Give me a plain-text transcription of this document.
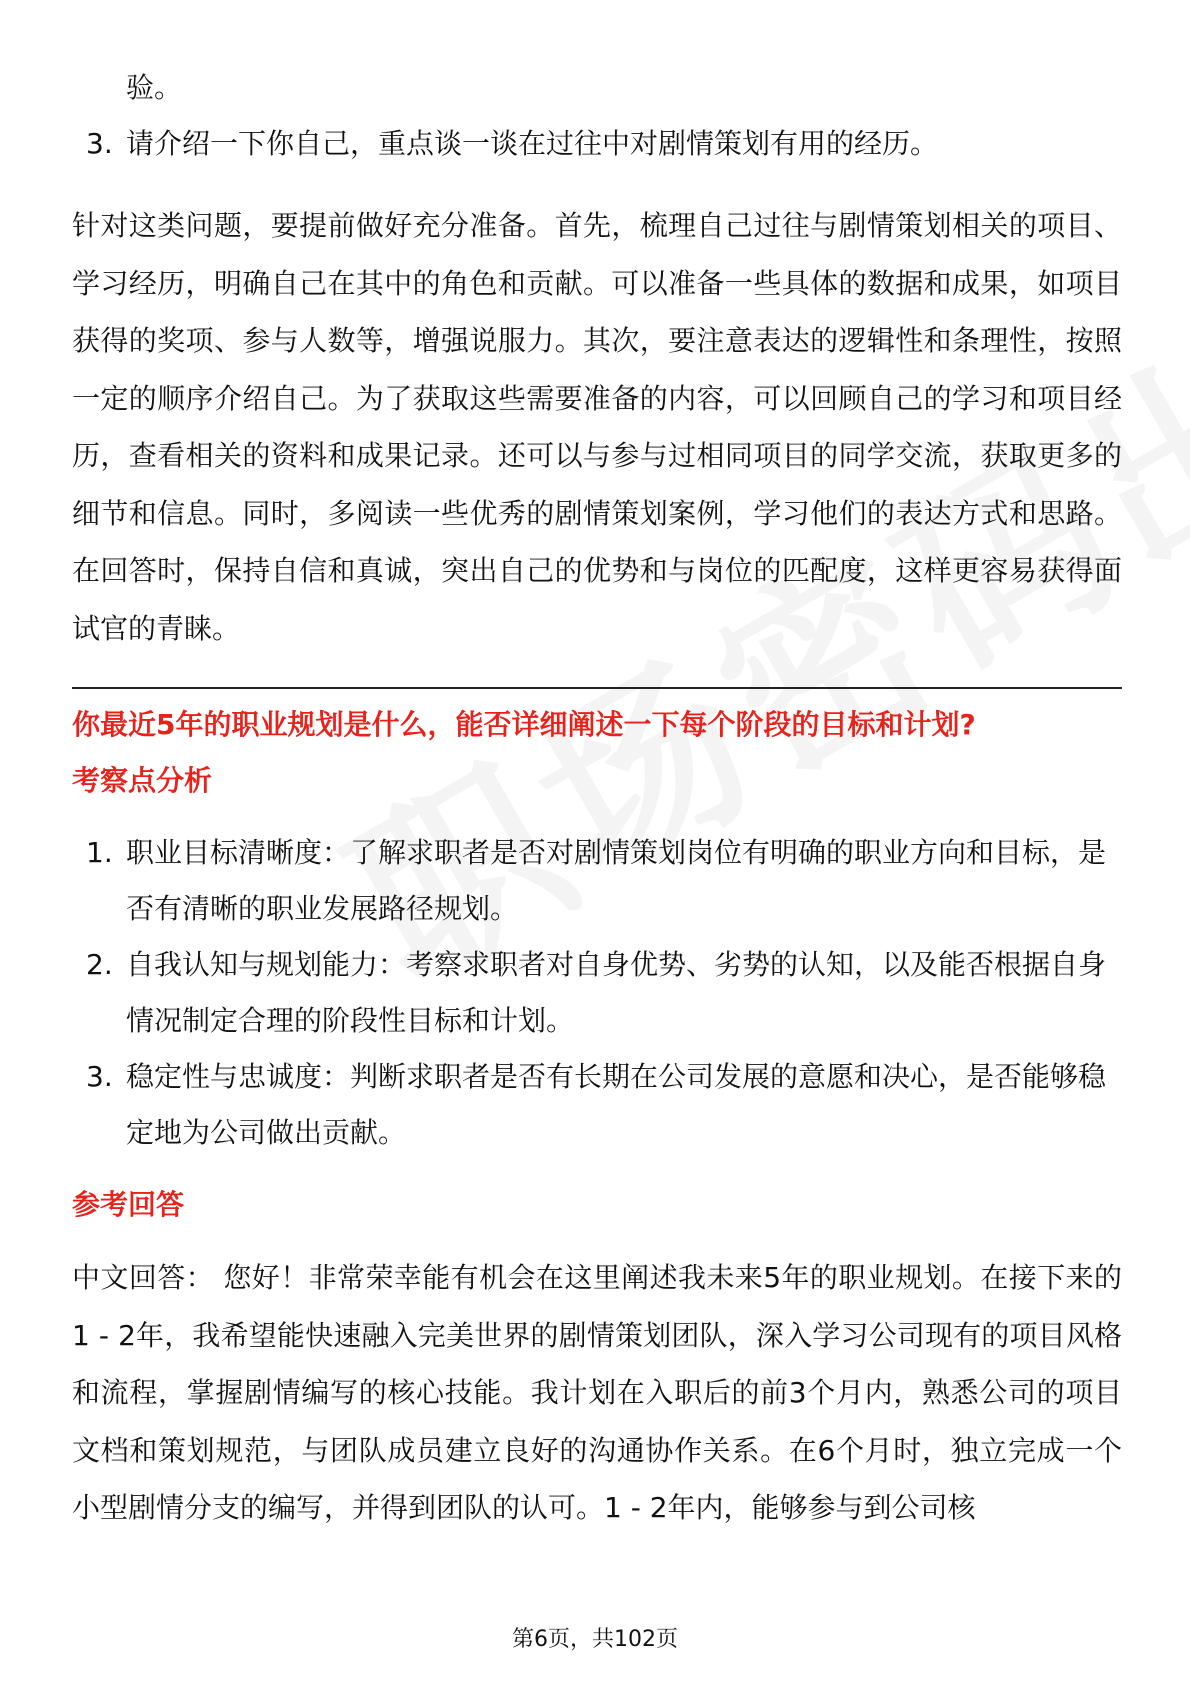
验。
3. 请介绍一下你自己，重点谈一谈在过往中对剧情策划有用的经历。

针对这类问题，要提前做好充分准备。首先，梳理自己过往与剧情策划相关的项目、学习经历，明确自己在其中的角色和贡献。可以准备一些具体的数据和成果，如项目获得的奖项、参与人数等，增强说服力。其次，要注意表达的逻辑性和条理性，按照一定的顺序介绍自己。为了获取这些需要准备的内容，可以回顾自己的学习和项目经历，查看相关的资料和成果记录。还可以与参与过相同项目的同学交流，获取更多的细节和信息。同时，多阅读一些优秀的剧情策划案例，学习他们的表达方式和思路。在回答时，保持自信和真诚，突出自己的优势和与岗位的匹配度，这样更容易获得面试官的青睐。

你最近5年的职业规划是什么，能否详细阐述一下每个阶段的目标和计划?
考察点分析
1. 职业目标清晰度：了解求职者是否对剧情策划岗位有明确的职业方向和目标，是否有清晰的职业发展路径规划。
2. 自我认知与规划能力：考察求职者对自身优势、劣势的认知，以及能否根据自身情况制定合理的阶段性目标和计划。
3. 稳定性与忠诚度：判断求职者是否有长期在公司发展的意愿和决心，是否能够稳定地为公司做出贡献。
参考回答

中文回答： 您好！非常荣幸能有机会在这里阐述我未来5年的职业规划。在接下来的1 - 2年，我希望能快速融入完美世界的剧情策划团队，深入学习公司现有的项目风格和流程，掌握剧情编写的核心技能。我计划在入职后的前3个月内，熟悉公司的项目文档和策划规范，与团队成员建立良好的沟通协作关系。在6个月时，独立完成一个小型剧情分支的编写，并得到团队的认可。1 - 2年内，能够参与到公司核

第6页，共102页
